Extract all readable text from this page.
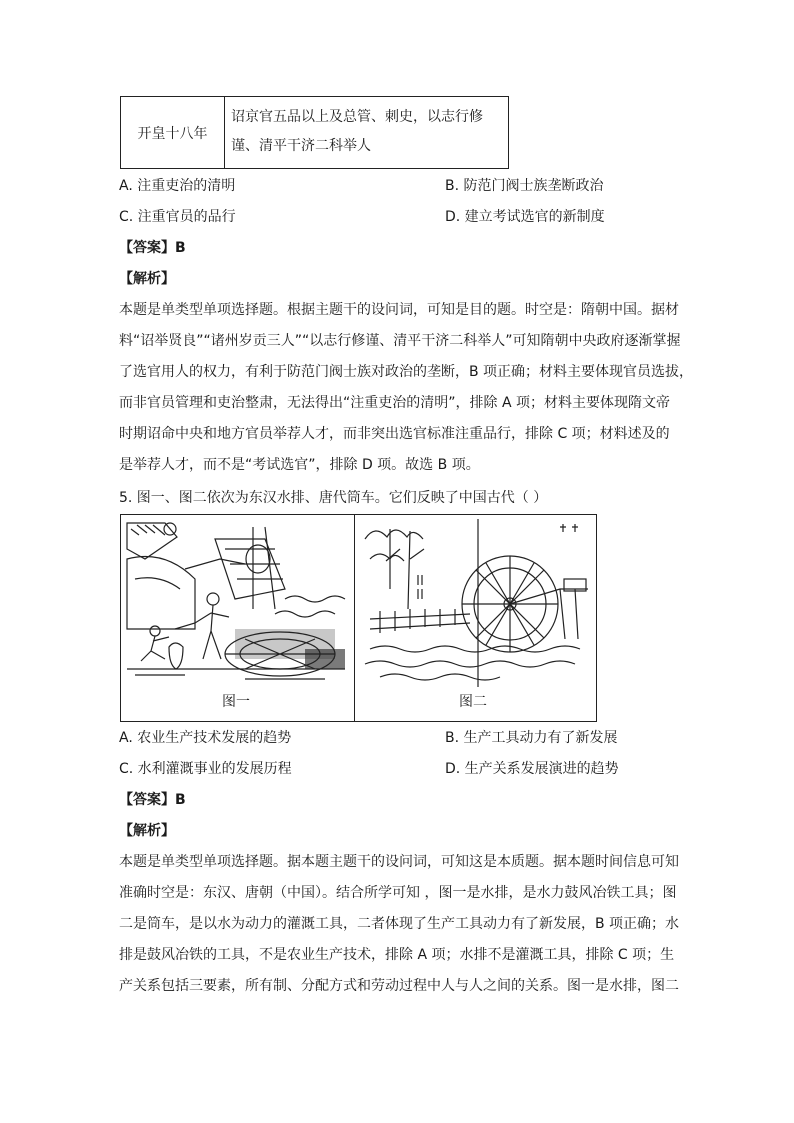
开皇十八年
诏京官五品以上及总管、刺史，以志行修
谨、清平干济二科举人
A. 注重吏治的清明	B. 防范门阀士族垄断政治
C. 注重官员的品行	D. 建立考试选官的新制度
【答案】B
【解析】
本题是单类型单项选择题。根据主题干的设问词，可知是目的题。时空是：隋朝中国。据材
料“诏举贤良”“诸州岁贡三人”“以志行修谨、清平干济二科举人”可知隋朝中央政府逐渐掌握
了选官用人的权力，有利于防范门阀士族对政治的垄断，B 项正确；材料主要体现官员选拔，
而非官员管理和吏治整肃，无法得出“注重吏治的清明”，排除 A 项；材料主要体现隋文帝
时期诏命中央和地方官员举荐人才，而非突出选官标准注重品行，排除 C 项；材料述及的
是举荐人才，而不是“考试选官”，排除 D 项。故选 B 项。
5. 图一、图二依次为东汉水排、唐代筒车。它们反映了中国古代（ ）
图一	图二
A. 农业生产技术发展的趋势	B. 生产工具动力有了新发展
C. 水利灌溉事业的发展历程	D. 生产关系发展演进的趋势
【答案】B
【解析】
本题是单类型单项选择题。据本题主题干的设问词，可知这是本质题。据本题时间信息可知
准确时空是：东汉、唐朝（中国）。结合所学可知 ，图一是水排，是水力鼓风冶铁工具；图
二是筒车，是以水为动力的灌溉工具，二者体现了生产工具动力有了新发展，B 项正确；水
排是鼓风冶铁的工具，不是农业生产技术，排除 A 项；水排不是灌溉工具，排除 C 项；生
产关系包括三要素，所有制、分配方式和劳动过程中人与人之间的关系。图一是水排，图二
